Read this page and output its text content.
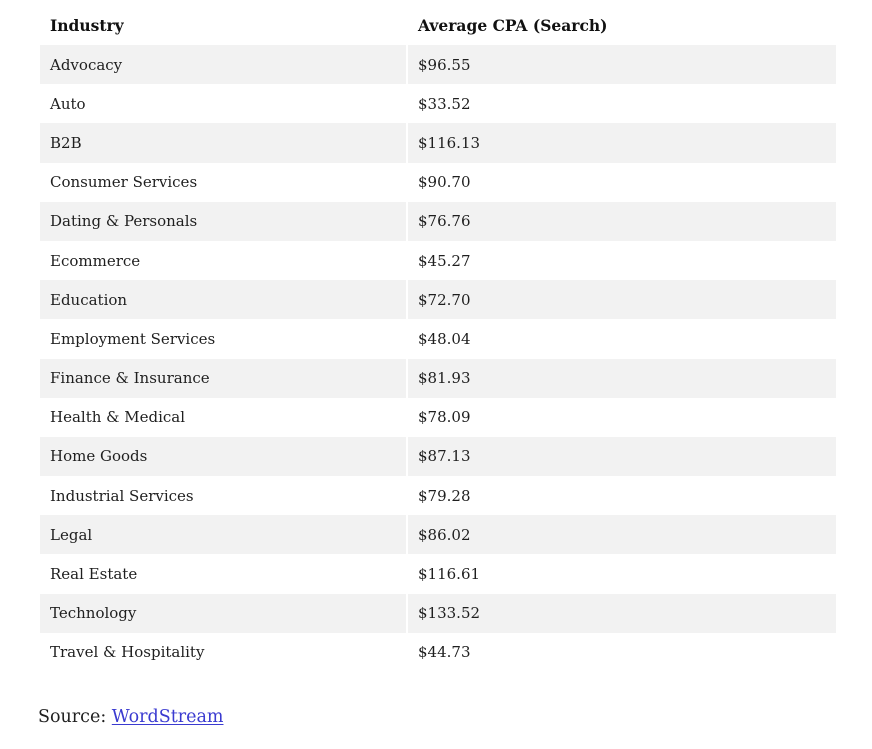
Industry	Average CPA (Search)
Advocacy	$96.55
Auto	$33.52
B2B	$116.13
Consumer Services	$90.70
Dating & Personals	$76.76
Ecommerce	$45.27
Education	$72.70
Employment Services	$48.04
Finance & Insurance	$81.93
Health & Medical	$78.09
Home Goods	$87.13
Industrial Services	$79.28
Legal	$86.02
Real Estate	$116.61
Technology	$133.52
Travel & Hospitality	$44.73
Source: WordStream
